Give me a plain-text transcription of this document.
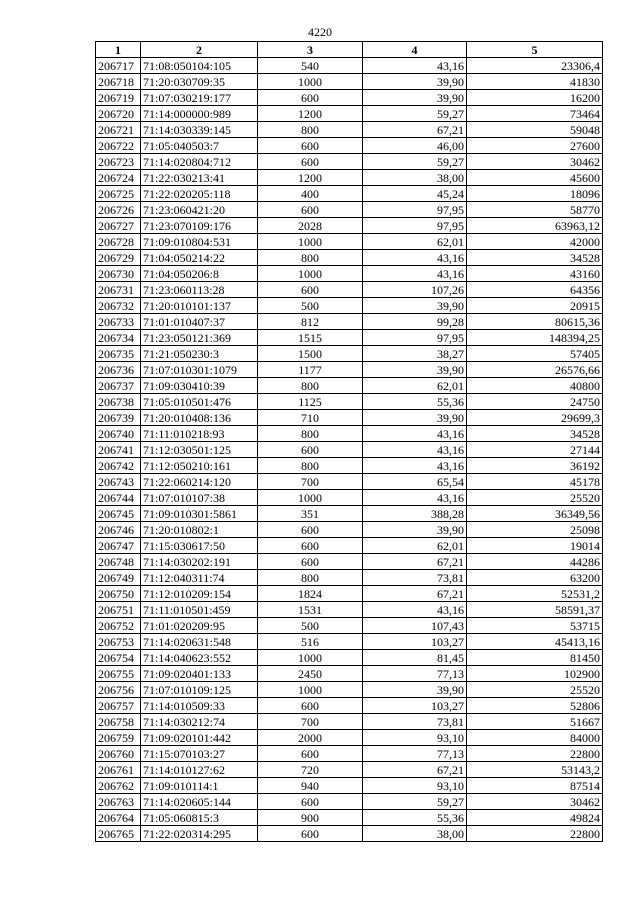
4220
1	2	3	4	5
206717	71:08:050104:105	540	43,16	23306,4
206718	71:20:030709:35	1000	39,90	41830
206719	71:07:030219:177	600	39,90	16200
206720	71:14:000000:989	1200	59,27	73464
206721	71:14:030339:145	800	67,21	59048
206722	71:05:040503:7	600	46,00	27600
206723	71:14:020804:712	600	59,27	30462
206724	71:22:030213:41	1200	38,00	45600
206725	71:22:020205:118	400	45,24	18096
206726	71:23:060421:20	600	97,95	58770
206727	71:23:070109:176	2028	97,95	63963,12
206728	71:09:010804:531	1000	62,01	42000
206729	71:04:050214:22	800	43,16	34528
206730	71:04:050206:8	1000	43,16	43160
206731	71:23:060113:28	600	107,26	64356
206732	71:20:010101:137	500	39,90	20915
206733	71:01:010407:37	812	99,28	80615,36
206734	71:23:050121:369	1515	97,95	148394,25
206735	71:21:050230:3	1500	38,27	57405
206736	71:07:010301:1079	1177	39,90	26576,66
206737	71:09:030410:39	800	62,01	40800
206738	71:05:010501:476	1125	55,36	24750
206739	71:20:010408:136	710	39,90	29699,3
206740	71:11:010218:93	800	43,16	34528
206741	71:12:030501:125	600	43,16	27144
206742	71:12:050210:161	800	43,16	36192
206743	71:22:060214:120	700	65,54	45178
206744	71:07:010107:38	1000	43,16	25520
206745	71:09:010301:5861	351	388,28	36349,56
206746	71:20:010802:1	600	39,90	25098
206747	71:15:030617:50	600	62,01	19014
206748	71:14:030202:191	600	67,21	44286
206749	71:12:040311:74	800	73,81	63200
206750	71:12:010209:154	1824	67,21	52531,2
206751	71:11:010501:459	1531	43,16	58591,37
206752	71:01:020209:95	500	107,43	53715
206753	71:14:020631:548	516	103,27	45413,16
206754	71:14:040623:552	1000	81,45	81450
206755	71:09:020401:133	2450	77,13	102900
206756	71:07:010109:125	1000	39,90	25520
206757	71:14:010509:33	600	103,27	52806
206758	71:14:030212:74	700	73,81	51667
206759	71:09:020101:442	2000	93,10	84000
206760	71:15:070103:27	600	77,13	22800
206761	71:14:010127:62	720	67,21	53143,2
206762	71:09:010114:1	940	93,10	87514
206763	71:14:020605:144	600	59,27	30462
206764	71:05:060815:3	900	55,36	49824
206765	71:22:020314:295	600	38,00	22800
